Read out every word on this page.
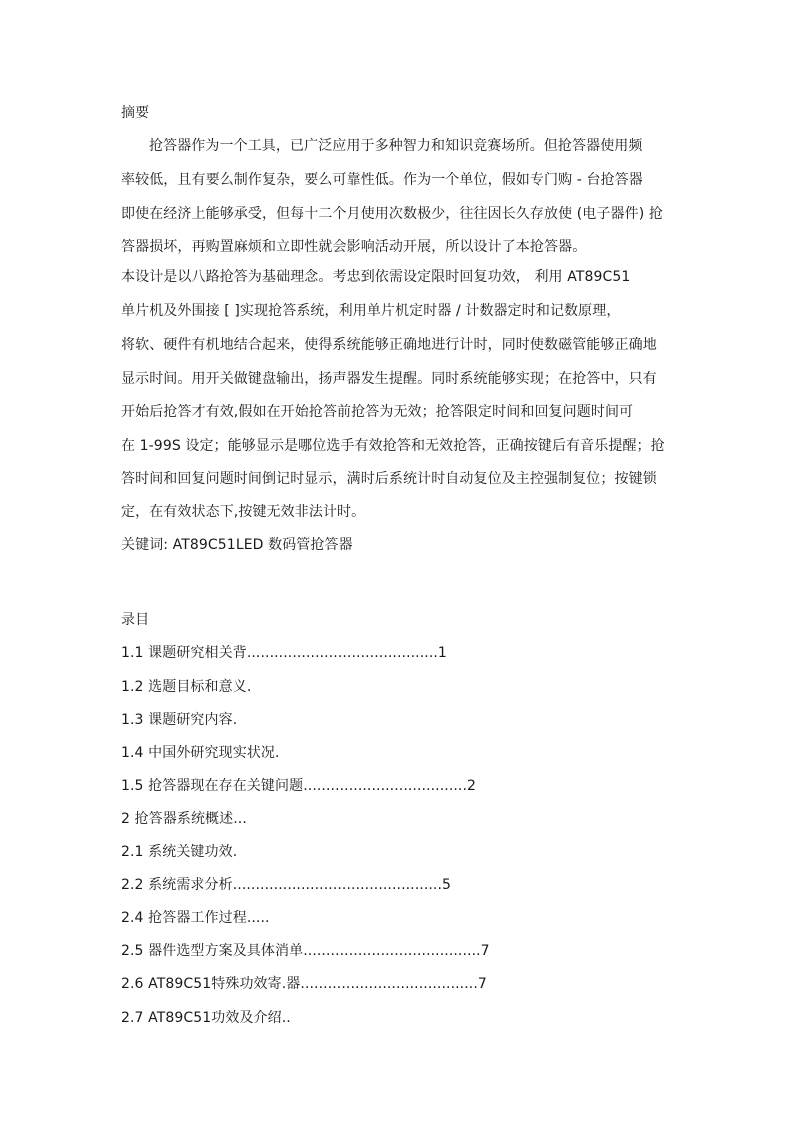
摘要
抢答器作为一个工具，已广泛应用于多种智力和知识竞赛场所。但抢答器使用频
率较低，且有要么制作复杂，要么可靠性低。作为一个单位，假如专门购 - 台抢答器
即使在经济上能够承受，但每十二个月使用次数极少，往往因长久存放使 (电子器件) 抢
答器损坏，再购置麻烦和立即性就会影响活动开展，所以设计了本抢答器。
本设计是以八路抢答为基础理念。考忠到依需设定限时回复功效， 利用 AT89C51
单片机及外围接 [ ]实现抢答系统，利用单片机定时器 / 计数器定时和记数原理，
将软、硬件有机地结合起来，使得系统能够正确地进行计时，同时使数磁管能够正确地
显示时间。用开关做键盘输出，扬声器发生提醒。同时系统能够实现；在抢答中，只有
开始后抢答才有效,假如在开始抢答前抢答为无效；抢答限定时间和回复问题时间可
在 1-99S 设定；能够显示是哪位选手有效抢答和无效抢答，正确按键后有音乐提醒；抢
答时间和回复问题时间倒记时显示，满时后系统计时自动复位及主控强制复位；按键锁
定，在有效状态下,按键无效非法计时。
关键词: AT89C51LED 数码管抢答器
录目
1.1 课题研究相关背..........................................1
1.2 选题目标和意义.
1.3 课题研究内容.
1.4 中国外研究现实状况.
1.5 抢答器现在存在关键问题....................................2
2 抢答器系统概述...
2.1 系统关键功效.
2.2 系统需求分析..............................................5
2.4 抢答器工作过程.....
2.5 器件选型方案及具体消单.......................................7
2.6 AT89C51特殊功效寄.器.......................................7
2.7 AT89C51功效及介绍..
